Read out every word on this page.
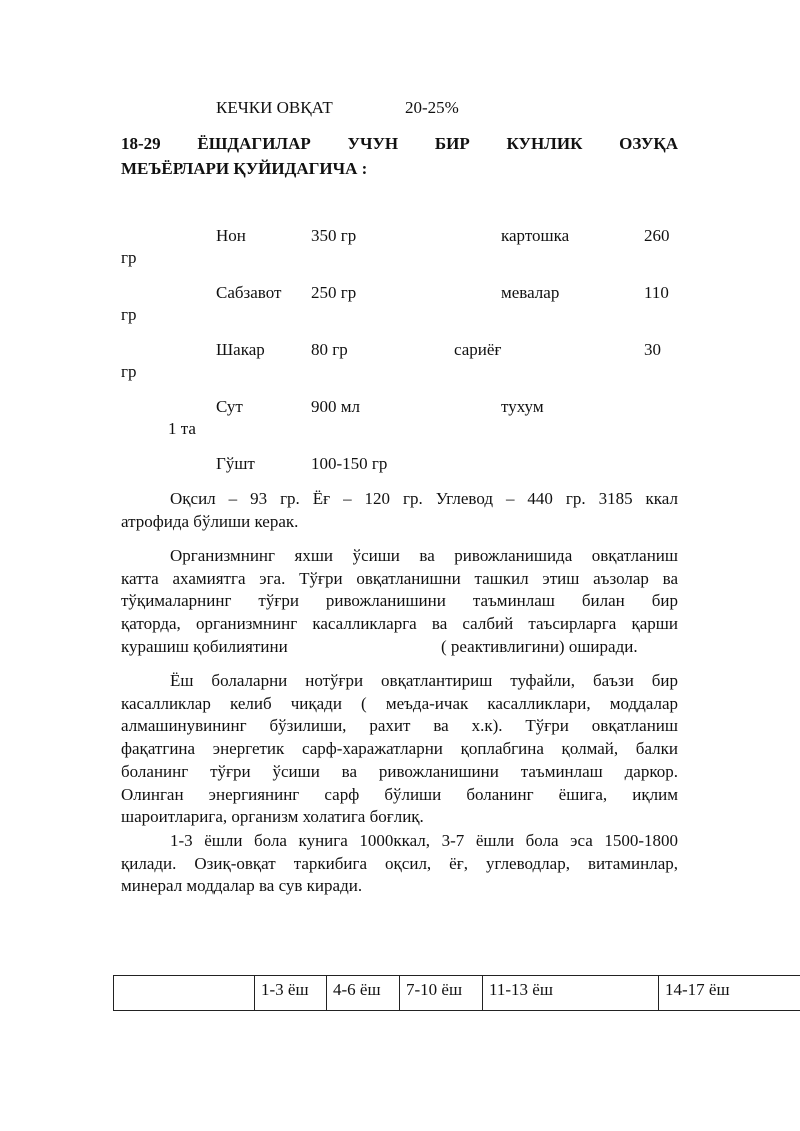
КЕЧКИ ОВҚАТ	20-25%
18-29 ЁШДАГИЛАР УЧУН БИР КУНЛИК ОЗУҚА
МЕЪЁРЛАРИ ҚУЙИДАГИЧА :
Нон	350 гр	картошка	260
гр
Сабзавот 250 гр	мевалар	110
гр
Шакар	80 гр	сариёғ	30
гр
Сут	900 мл	тухум
1 та
Гўшт	100-150 гр
Оқсил – 93 гр. Ёғ – 120 гр. Углевод – 440 гр. 3185 ккал
атрофида бўлиши керак.
Организмнинг яхши ўсиши ва ривожланишида овқатланиш
катта ахамиятга эга. Тўғри овқатланишни ташкил этиш аъзолар ва
тўқималарнинг тўғри ривожланишини таъминлаш билан бир
қаторда, организмнинг касалликларга ва салбий таъсирларга қарши
курашиш қобилиятини	( реактивлигини) оширади.
Ёш болаларни нотўғри овқатлантириш туфайли, баъзи бир
касалликлар келиб чиқади ( меъда-ичак касалликлари, моддалар
алмашинувининг бўзилиши, рахит ва х.к). Тўғри овқатланиш
фақатгина энергетик сарф-харажатларни қоплабгина қолмай, балки
боланинг тўғри ўсиши ва ривожланишини таъминлаш даркор.
Олинган энергиянинг сарф бўлиши боланинг ёшига, иқлим
шароитларига, организм холатига боғлиқ.
1-3 ёшли бола кунига 1000ккал, 3-7 ёшли бола эса 1500-1800
қилади. Озиқ-овқат таркибига оқсил, ёғ, углеводлар, витаминлар,
минерал моддалар ва сув киради.
	1-3 ёш	4-6 ёш	7-10 ёш	11-13 ёш	14-17 ёш
